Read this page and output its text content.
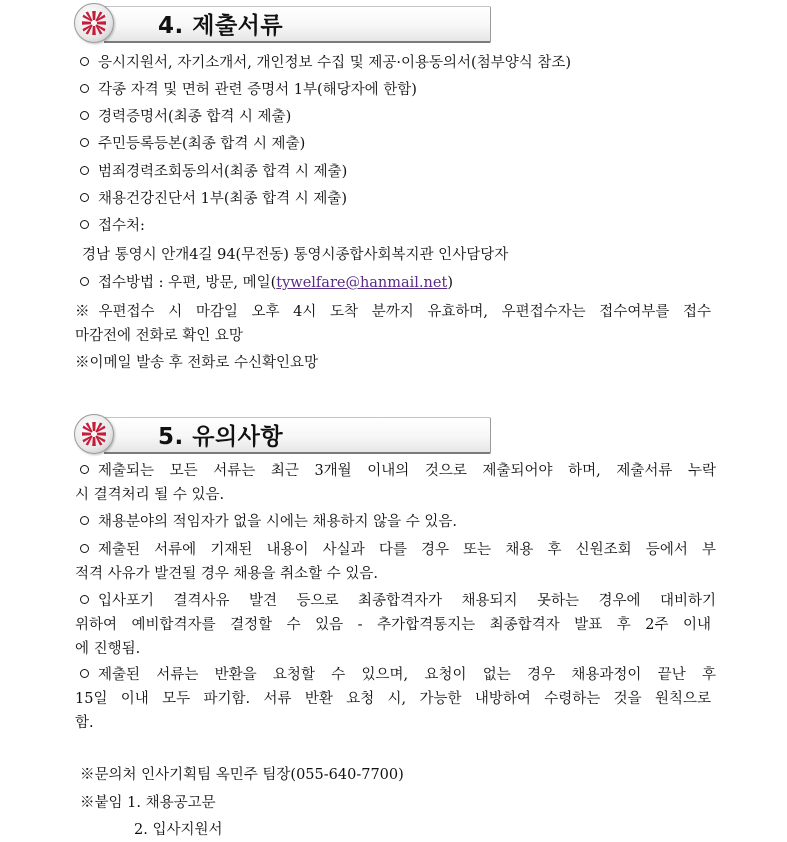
4. 제출서류
응시지원서, 자기소개서, 개인정보 수집 및 제공·이용동의서(첨부양식 참조)
각종 자격 및 면허 관련 증명서 1부(해당자에 한함)
경력증명서(최종 합격 시 제출)
주민등록등본(최종 합격 시 제출)
범죄경력조회동의서(최종 합격 시 제출)
채용건강진단서 1부(최종 합격 시 제출)
접수처:
경남 통영시 안개4길 94(무전동) 통영시종합사회복지관 인사담당자
접수방법 : 우편, 방문, 메일(tywelfare@hanmail.net)
※우편접수 시 마감일 오후 4시 도착 분까지 유효하며, 우편접수자는 접수여부를 접수
마감전에 전화로 확인 요망
※이메일 발송 후 전화로 수신확인요망
5. 유의사항
제출되는 모든 서류는 최근 3개월 이내의 것으로 제출되어야 하며, 제출서류 누락
시 결격처리 될 수 있음.
채용분야의 적임자가 없을 시에는 채용하지 않을 수 있음.
제출된 서류에 기재된 내용이 사실과 다를 경우 또는 채용 후 신원조회 등에서 부
적격 사유가 발견될 경우 채용을 취소할 수 있음.
입사포기 결격사유 발견 등으로 최종합격자가 채용되지 못하는 경우에 대비하기
위하여 예비합격자를 결정할 수 있음 - 추가합격통지는 최종합격자 발표 후 2주 이내
에 진행됨.
제출된 서류는 반환을 요청할 수 있으며, 요청이 없는 경우 채용과정이 끝난 후
15일 이내 모두 파기함. 서류 반환 요청 시, 가능한 내방하여 수령하는 것을 원칙으로
함.
※문의처 인사기획팀 옥민주 팀장(055-640-7700)
※붙임 1. 채용공고문
2. 입사지원서
